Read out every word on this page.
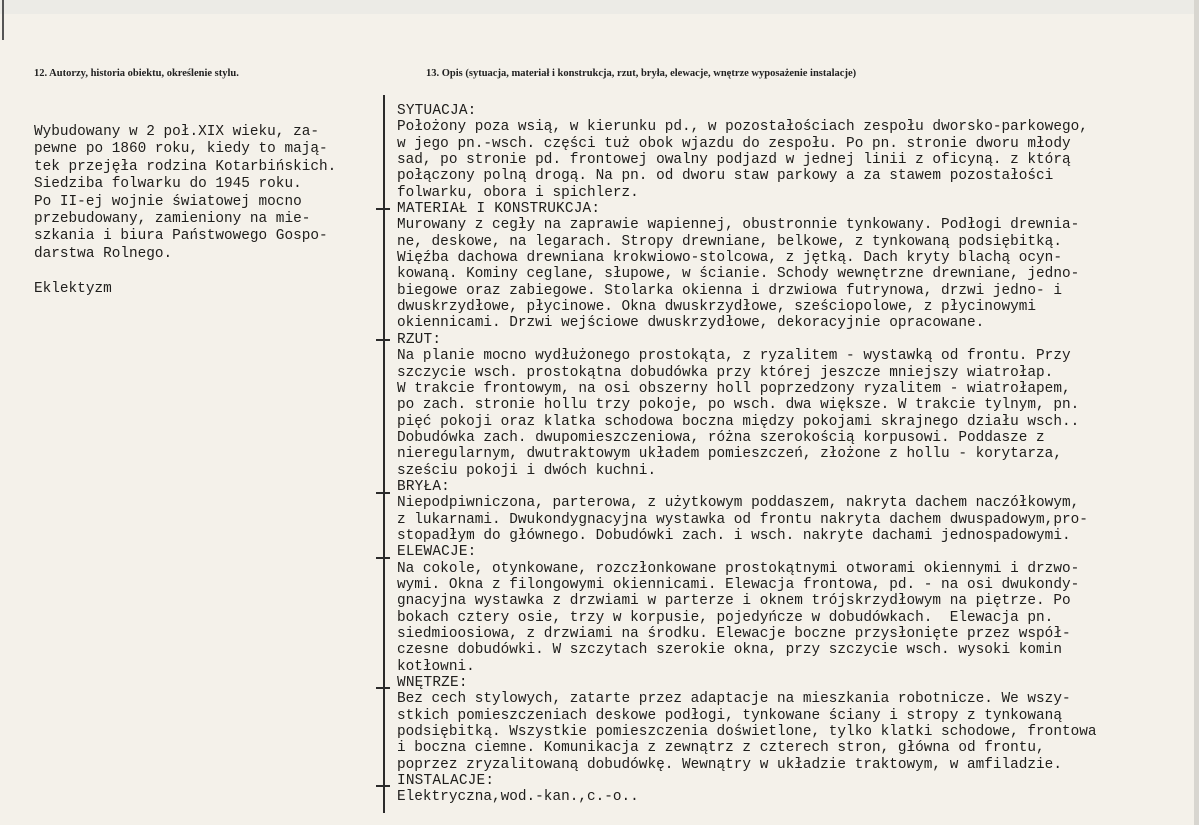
12. Autorzy, historia obiektu, określenie stylu.	13. Opis (sytuacja, materiał i konstrukcja, rzut, bryła, elewacje, wnętrze wyposażenie instalacje)
Wybudowany w 2 poł.XIX wieku, za-
pewne po 1860 roku, kiedy to mają-
tek przejęła rodzina Kotarbińskich.
Siedziba folwarku do 1945 roku.
Po II-ej wojnie światowej mocno
przebudowany, zamieniony na mie-
szkania i biura Państwowego Gospo-
darstwa Rolnego.

Eklektyzm
SYTUACJA:
Położony poza wsią, w kierunku pd., w pozostałościach zespołu dworsko-parkowego,
w jego pn.-wsch. części tuż obok wjazdu do zespołu. Po pn. stronie dworu młody
sad, po stronie pd. frontowej owalny podjazd w jednej linii z oficyną. z którą
połączony polną drogą. Na pn. od dworu staw parkowy a za stawem pozostałości
folwarku, obora i spichlerz.
MATERIAŁ I KONSTRUKCJA:
Murowany z cegły na zaprawie wapiennej, obustronnie tynkowany. Podłogi drewnia-
ne, deskowe, na legarach. Stropy drewniane, belkowe, z tynkowaną podsiębitką.
Więźba dachowa drewniana krokwiowo-stolcowa, z jętką. Dach kryty blachą ocyn-
kowaną. Kominy ceglane, słupowe, w ścianie. Schody wewnętrzne drewniane, jedno-
biegowe oraz zabiegowe. Stolarka okienna i drzwiowa futrynowa, drzwi jedno- i
dwuskrzydłowe, płycinowe. Okna dwuskrzydłowe, sześciopolowe, z płycinowymi
okiennicami. Drzwi wejściowe dwuskrzydłowe, dekoracyjnie opracowane.
RZUT:
Na planie mocno wydłużonego prostokąta, z ryzalitem - wystawką od frontu. Przy
szczycie wsch. prostokątna dobudówka przy której jeszcze mniejszy wiatrołap.
W trakcie frontowym, na osi obszerny holl poprzedzony ryzalitem - wiatrołapem,
po zach. stronie hollu trzy pokoje, po wsch. dwa większe. W trakcie tylnym, pn.
pięć pokoji oraz klatka schodowa boczna między pokojami skrajnego działu wsch..
Dobudówka zach. dwupomieszczeniowa, różna szerokością korpusowi. Poddasze z
nieregularnym, dwutraktowym układem pomieszczeń, złożone z hollu - korytarza,
sześciu pokoji i dwóch kuchni.
BRYŁA:
Niepodpiwniczona, parterowa, z użytkowym poddaszem, nakryta dachem naczółkowym,
z lukarnami. Dwukondygnacyjna wystawka od frontu nakryta dachem dwuspadowym,pro-
stopadłym do głównego. Dobudówki zach. i wsch. nakryte dachami jednospadowymi.
ELEWACJE:
Na cokole, otynkowane, rozczłonkowane prostokątnymi otworami okiennymi i drzwo-
wymi. Okna z filongowymi okiennicami. Elewacja frontowa, pd. - na osi dwukondy-
gnacyjna wystawka z drzwiami w parterze i oknem trójskrzydłowym na piętrze. Po
bokach cztery osie, trzy w korpusie, pojedyńcze w dobudówkach.  Elewacja pn.
siedmioosiowa, z drzwiami na środku. Elewacje boczne przysłonięte przez współ-
czesne dobudówki. W szczytach szerokie okna, przy szczycie wsch. wysoki komin
kotłowni.
WNĘTRZE:
Bez cech stylowych, zatarte przez adaptacje na mieszkania robotnicze. We wszy-
stkich pomieszczeniach deskowe podłogi, tynkowane ściany i stropy z tynkowaną
podsiębitką. Wszystkie pomieszczenia doświetlone, tylko klatki schodowe, frontowa
i boczna ciemne. Komunikacja z zewnątrz z czterech stron, główna od frontu,
poprzez zryzalitowaną dobudówkę. Wewnątry w układzie traktowym, w amfiladzie.
INSTALACJE:
Elektryczna,wod.-kan.,c.-o..
